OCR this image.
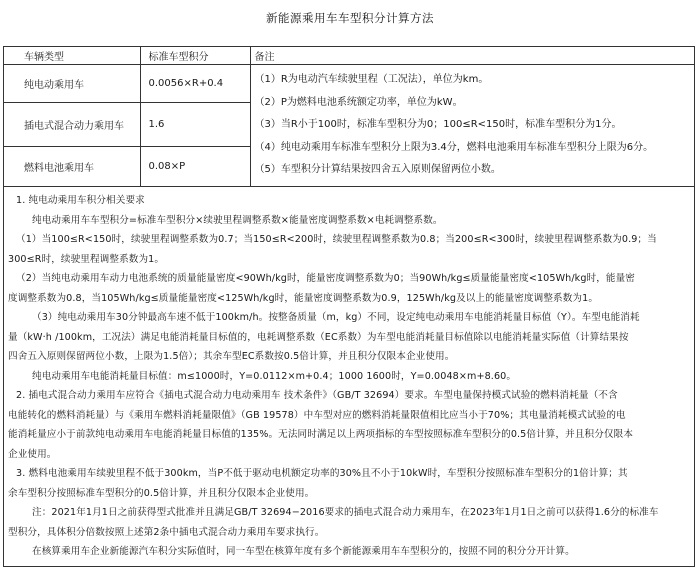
新能源乘用车车型积分计算方法
车辆类型	标准车型积分	备注
纯电动乘用车	0.0056×R+0.4	（1）R为电动汽车续驶里程（工况法），单位为km。
（2）P为燃料电池系统额定功率，单位为kW。
（3）当R小于100时，标准车型积分为0；100≤R<150时，标准车型积分为1分。
（4）纯电动乘用车标准车型积分上限为3.4分，燃料电池乘用车标准车型积分上限为6分。
（5）车型积分计算结果按四舍五入原则保留两位小数。

插电式混合动力乘用车	1.6	
燃料电池乘用车	0.08×P	

1. 纯电动乘用车积分相关要求

纯电动乘用车车型积分=标准车型积分×续驶里程调整系数×能量密度调整系数×电耗调整系数。

（1）当100≤R<150时，续驶里程调整系数为0.7；当150≤R<200时，续驶里程调整系数为0.8；当200≤R<300时，续驶里程调整系数为0.9；当

300≤R时，续驶里程调整系数为1。

（2）当纯电动乘用车动力电池系统的质量能量密度<90Wh/kg时，能量密度调整系数为0；当90Wh/kg≤质量能量密度<105Wh/kg时，能量密

度调整系数为0.8，当105Wh/kg≤质量能量密度<125Wh/kg时，能量密度调整系数为0.9，125Wh/kg及以上的能量密度调整系数为1。

（3）纯电动乘用车30分钟最高车速不低于100km/h。按整备质量（m，kg）不同，设定纯电动乘用车电能消耗量目标值（Y）。车型电能消耗

量（kW·h /100km，工况法）满足电能消耗量目标值的，电耗调整系数（EC系数）为车型电能消耗量目标值除以电能消耗量实际值（计算结果按

四舍五入原则保留两位小数，上限为1.5倍）；其余车型EC系数按0.5倍计算，并且积分仅限本企业使用。

纯电动乘用车电能消耗量目标值：m≤1000时，Y=0.0112×m+0.4；1000 1600时，Y=0.0048×m+8.60。

2. 插电式混合动力乘用车应符合《插电式混合动力电动乘用车 技术条件》（GB/T 32694）要求。车型电量保持模式试验的燃料消耗量（不含

电能转化的燃料消耗量）与《乘用车燃料消耗量限值》（GB 19578）中车型对应的燃料消耗量限值相比应当小于70%；其电量消耗模式试验的电

能消耗量应小于前款纯电动乘用车电能消耗量目标值的135%。无法同时满足以上两项指标的车型按照标准车型积分的0.5倍计算，并且积分仅限本

企业使用。

3. 燃料电池乘用车续驶里程不低于300km，当P不低于驱动电机额定功率的30%且不小于10kW时，车型积分按照标准车型积分的1倍计算；其

余车型积分按照标准车型积分的0.5倍计算，并且积分仅限本企业使用。

注：2021年1月1日之前获得型式批准并且满足GB/T 32694−2016要求的插电式混合动力乘用车，在2023年1月1日之前可以获得1.6分的标准车

型积分，具体积分倍数按照上述第2条中插电式混合动力乘用车要求执行。

在核算乘用车企业新能源汽车积分实际值时，同一车型在核算年度有多个新能源乘用车车型积分的，按照不同的积分分开计算。
